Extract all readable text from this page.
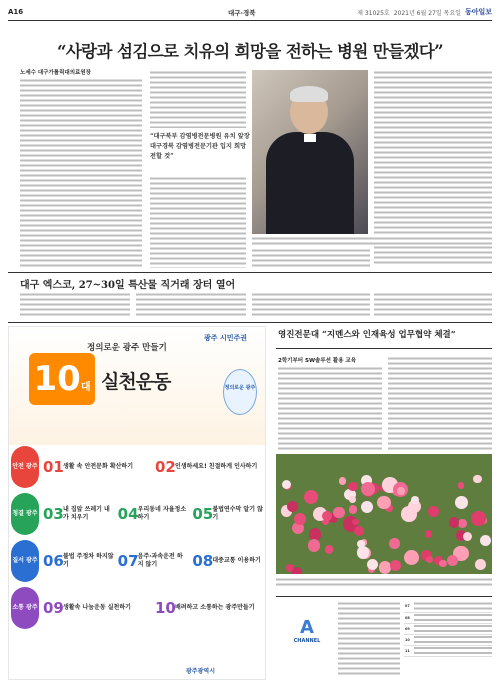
A16	대구·경북	제 31025호 2021년 6월 27일 목요일 동아일보
“사랑과 섬김으로 치유의 희망을 전하는 병원 만들겠다”
노세수 대구가톨릭대의료원장
“대구북부 감염병전문병원 유치 앞장 대구경북 감염병전문기관 입지 희망 전할 것”
대구 엑스코, 27~30일 특산물 직거래 장터 열어
정의로운 광주 만들기
광주 시민주권
10대 실천운동	정의로운 광주
안전 광주 01 생활 속 안전문화 확산하기 02 인생하세요! 친절하게 인사하기
청결 광주 03 내 집앞 쓰레기 내가 치우기	04 우리동네 자율정소하기	05 불법연수막 알기 않기
질서 광주 06 불법 주정차 하지않기	07 음주·과속운전 하지 않기	08 대중교통 이용하기
소통 광주 09 생활속 나눔운동 실천하기 10 배려하고 소통하는 광주만들기
광주광역시
영진전문대 “지멘스와 인재육성 업무협약 체결”
2학기부터 SW솔루션 활용 교육
A
CHANNEL
07	
08	
09	
10	
11	
